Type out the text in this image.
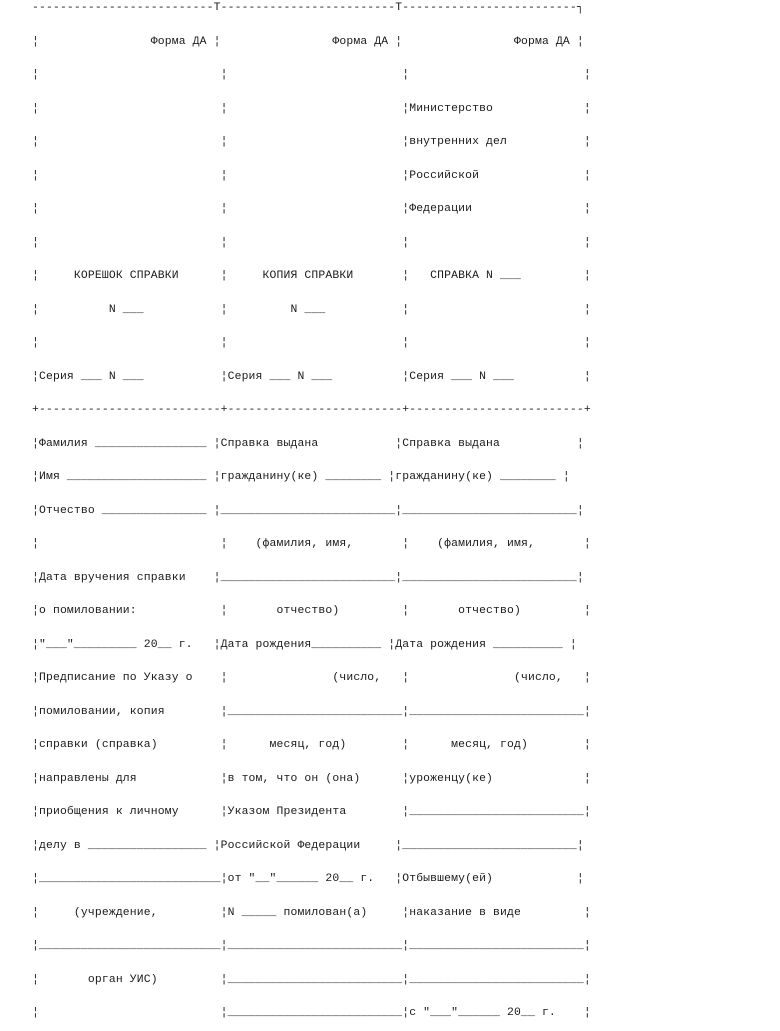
--------------------------T-------------------------T-------------------------┐
¦                Форма ДА ¦                Форма ДА ¦                Форма ДА ¦
¦                          ¦                         ¦                         ¦
¦                          ¦                         ¦Министерство             ¦
¦                          ¦                         ¦внутренних дел           ¦
¦                          ¦                         ¦Российской               ¦
¦                          ¦                         ¦Федерации                ¦
¦                          ¦                         ¦                         ¦
¦     КОРЕШОК СПРАВКИ      ¦     КОПИЯ СПРАВКИ       ¦   СПРАВКА N ___         ¦
¦          N ___           ¦         N ___           ¦                         ¦
¦                          ¦                         ¦                         ¦
¦Серия ___ N ___           ¦Серия ___ N ___          ¦Серия ___ N ___          ¦
+--------------------------+-------------------------+-------------------------+
¦Фамилия ________________ ¦Справка выдана           ¦Справка выдана           ¦
¦Имя ____________________ ¦гражданину(ке) ________ ¦гражданину(ке) ________ ¦
¦Отчество _______________ ¦_________________________¦_________________________¦
¦                          ¦    (фамилия, имя,       ¦    (фамилия, имя,       ¦
¦Дата вручения справки    ¦_________________________¦_________________________¦
¦о помиловании:            ¦       отчество)         ¦       отчество)         ¦
¦"___"_________ 20__ г.   ¦Дата рождения__________ ¦Дата рождения __________ ¦
¦Предписание по Указу о    ¦               (число,   ¦               (число,   ¦
¦помиловании, копия        ¦_________________________¦_________________________¦
¦справки (справка)         ¦      месяц, год)        ¦      месяц, год)        ¦
¦направлены для            ¦в том, что он (она)      ¦уроженцу(ке)             ¦
¦приобщения к личному      ¦Указом Президента        ¦_________________________¦
¦делу в _________________ ¦Российской Федерации     ¦_________________________¦
¦__________________________¦от "__"______ 20__ г.   ¦Отбывшему(ей)            ¦
¦     (учреждение,         ¦N _____ помилован(а)     ¦наказание в виде         ¦
¦__________________________¦_________________________¦_________________________¦
¦       орган УИС)         ¦_________________________¦_________________________¦
¦                          ¦_________________________¦с "___"______ 20__ г.    ¦
